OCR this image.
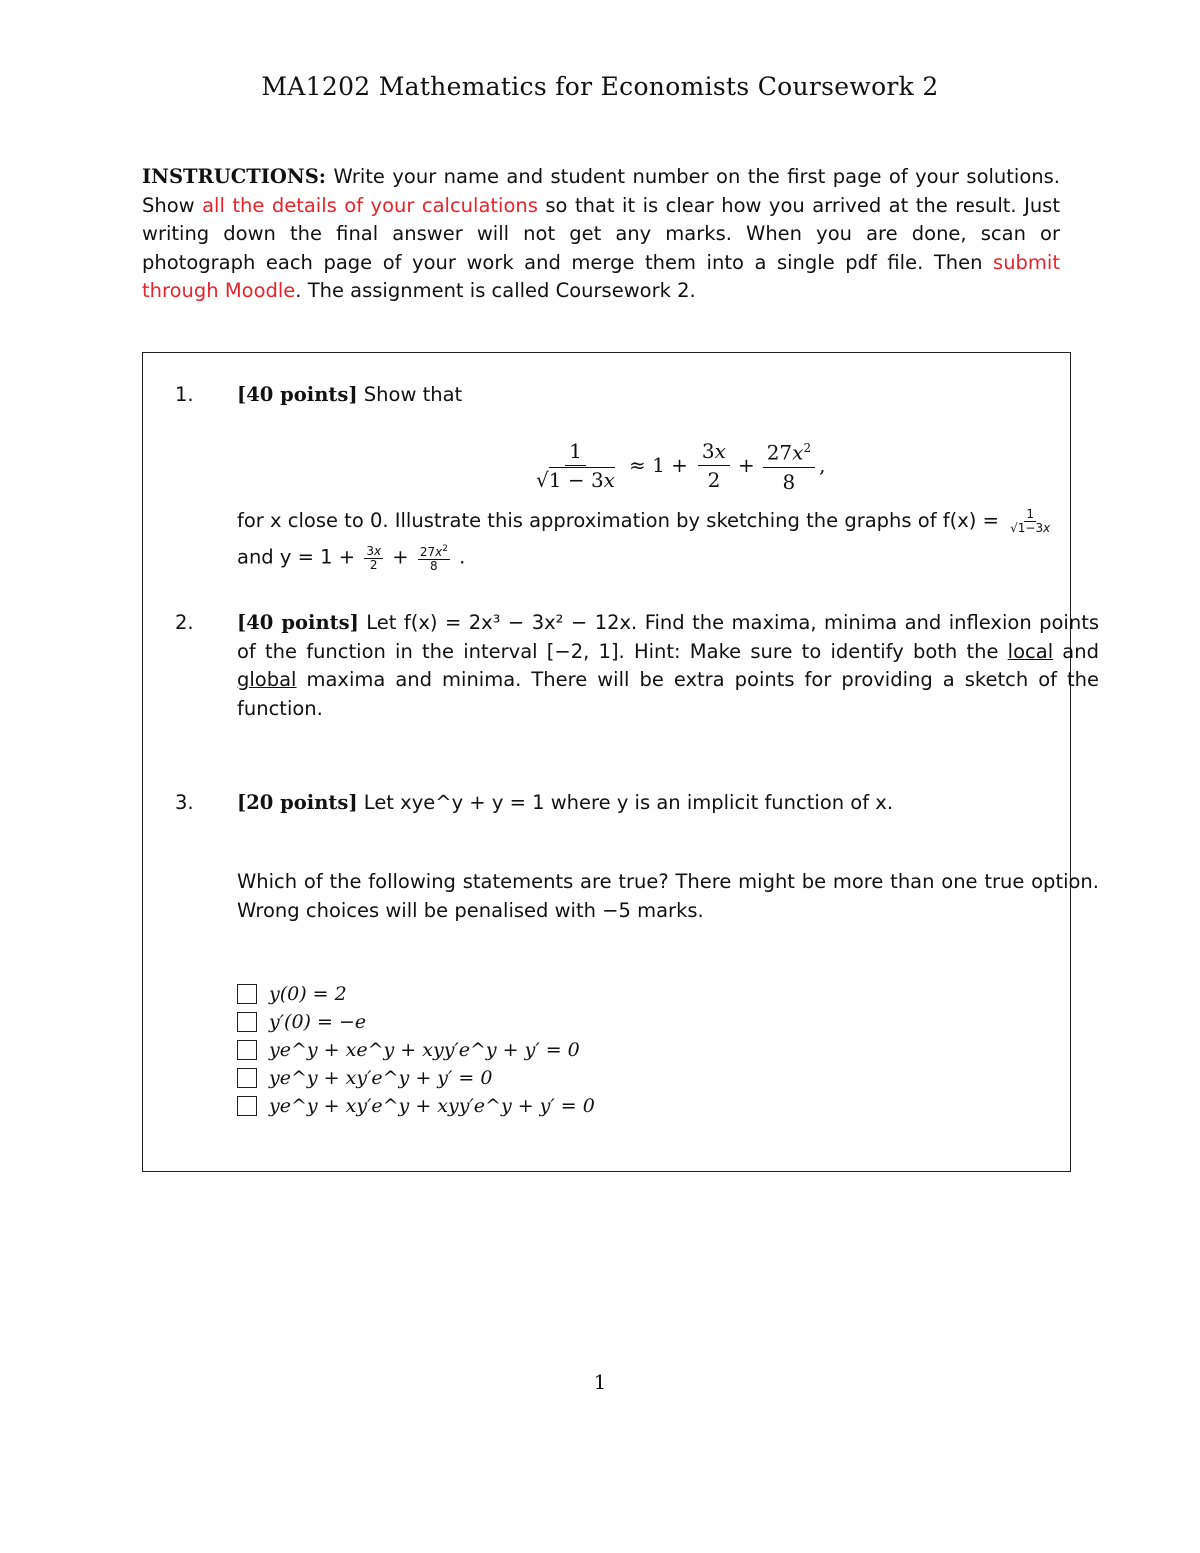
MA1202 Mathematics for Economists Coursework 2
INSTRUCTIONS: Write your name and student number on the first page of your solutions. Show all the details of your calculations so that it is clear how you arrived at the result. Just writing down the final answer will not get any marks. When you are done, scan or photograph each page of your work and merge them into a single pdf file. Then submit through Moodle. The assignment is called Coursework 2.
1. [40 points] Show that
$\frac{1}{√1 - 3x} \approx 1 + \frac{3x}{2} + \frac{27x^2}{8}$ ,
for x close to 0. Illustrate this approximation by sketching the graphs of $f(x) = \frac{1}{√1-3x}$
and $y = 1 + \frac{3x}{2} + \frac{27x^2}{8}$ .
2. [40 points] Let f(x) = 2x³ − 3x² − 12x. Find the maxima, minima and inflexion points of the function in the interval [−2, 1]. Hint: Make sure to identify both the local and global maxima and minima. There will be extra points for providing a sketch of the function.
3. [20 points] Let xye^y + y = 1 where y is an implicit function of x.
Which of the following statements are true? There might be more than one true option. Wrong choices will be penalised with −5 marks.
y(0) = 2
y′(0) = −e
ye^y + xe^y + xyy′e^y + y′ = 0
ye^y + xy′e^y + y′ = 0
ye^y + xy′e^y + xyy′e^y + y′ = 0
1
